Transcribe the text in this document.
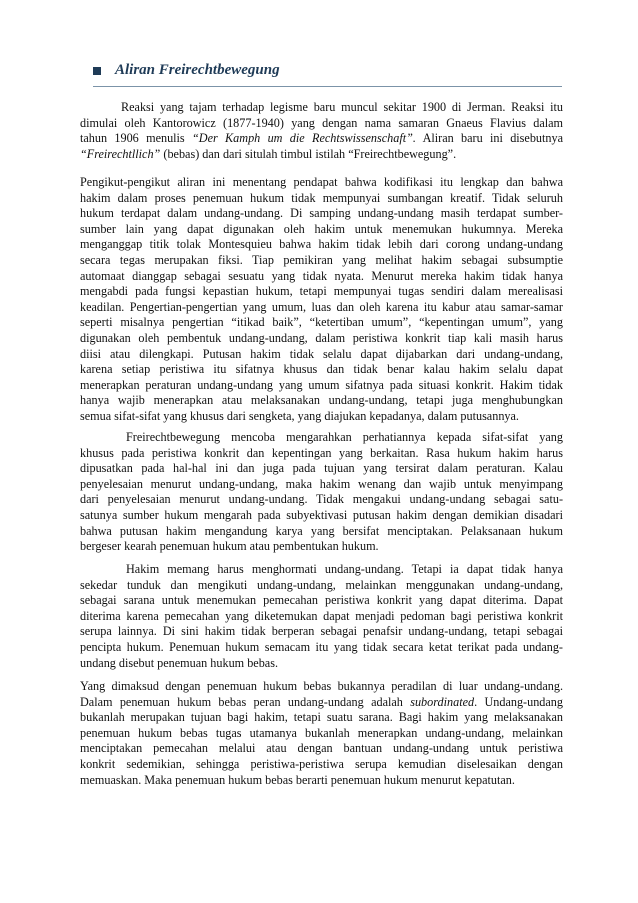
Aliran Freirechtbewegung
Reaksi yang tajam terhadap legisme baru muncul sekitar 1900 di Jerman. Reaksi itu
dimulai oleh Kantorowicz (1877-1940) yang dengan nama samaran Gnaeus Flavius dalam
tahun 1906 menulis “Der Kamph um die Rechtswissenschaft”. Aliran baru ini disebutnya
“Freirechtllich” (bebas) dan dari situlah timbul istilah “Freirechtbewegung”.
Pengikut-pengikut aliran ini menentang pendapat bahwa kodifikasi itu lengkap dan bahwa
hakim dalam proses penemuan hukum tidak mempunyai sumbangan kreatif. Tidak seluruh
hukum terdapat dalam undang-undang. Di samping undang-undang masih terdapat sumber-
sumber lain yang dapat digunakan oleh hakim untuk menemukan hukumnya. Mereka
menganggap titik tolak Montesquieu bahwa hakim tidak lebih dari corong undang-undang
secara tegas merupakan fiksi. Tiap pemikiran yang melihat hakim sebagai subsumptie
automaat dianggap sebagai sesuatu yang tidak nyata. Menurut mereka hakim tidak hanya
mengabdi pada fungsi kepastian hukum, tetapi mempunyai tugas sendiri dalam merealisasi
keadilan. Pengertian-pengertian yang umum, luas dan oleh karena itu kabur atau samar-samar
seperti misalnya pengertian “itikad baik”, “ketertiban umum”, “kepentingan umum”, yang
digunakan oleh pembentuk undang-undang, dalam peristiwa konkrit tiap kali masih harus
diisi atau dilengkapi. Putusan hakim tidak selalu dapat dijabarkan dari undang-undang,
karena setiap peristiwa itu sifatnya khusus dan tidak benar kalau hakim selalu dapat
menerapkan peraturan undang-undang yang umum sifatnya pada situasi konkrit. Hakim tidak
hanya wajib menerapkan atau melaksanakan undang-undang, tetapi juga menghubungkan
semua sifat-sifat yang khusus dari sengketa, yang diajukan kepadanya, dalam putusannya.
Freirechtbewegung mencoba mengarahkan perhatiannya kepada sifat-sifat yang
khusus pada peristiwa konkrit dan kepentingan yang berkaitan. Rasa hukum hakim harus
dipusatkan pada hal-hal ini dan juga pada tujuan yang tersirat dalam peraturan. Kalau
penyelesaian menurut undang-undang, maka hakim wenang dan wajib untuk menyimpang
dari penyelesaian menurut undang-undang. Tidak mengakui undang-undang sebagai satu-
satunya sumber hukum mengarah pada subyektivasi putusan hakim dengan demikian disadari
bahwa putusan hakim mengandung karya yang bersifat menciptakan. Pelaksanaan hukum
bergeser kearah penemuan hukum atau pembentukan hukum.
Hakim memang harus menghormati undang-undang. Tetapi ia dapat tidak hanya
sekedar tunduk dan mengikuti undang-undang, melainkan menggunakan undang-undang,
sebagai sarana untuk menemukan pemecahan peristiwa konkrit yang dapat diterima. Dapat
diterima karena pemecahan yang diketemukan dapat menjadi pedoman bagi peristiwa konkrit
serupa lainnya. Di sini hakim tidak berperan sebagai penafsir undang-undang, tetapi sebagai
pencipta hukum. Penemuan hukum semacam itu yang tidak secara ketat terikat pada undang-
undang disebut penemuan hukum bebas.
Yang dimaksud dengan penemuan hukum bebas bukannya peradilan di luar undang-undang.
Dalam penemuan hukum bebas peran undang-undang adalah subordinated. Undang-undang
bukanlah merupakan tujuan bagi hakim, tetapi suatu sarana. Bagi hakim yang melaksanakan
penemuan hukum bebas tugas utamanya bukanlah menerapkan undang-undang, melainkan
menciptakan pemecahan melalui atau dengan bantuan undang-undang untuk peristiwa
konkrit sedemikian, sehingga peristiwa-peristiwa serupa kemudian diselesaikan dengan
memuaskan. Maka penemuan hukum bebas berarti penemuan hukum menurut kepatutan.
